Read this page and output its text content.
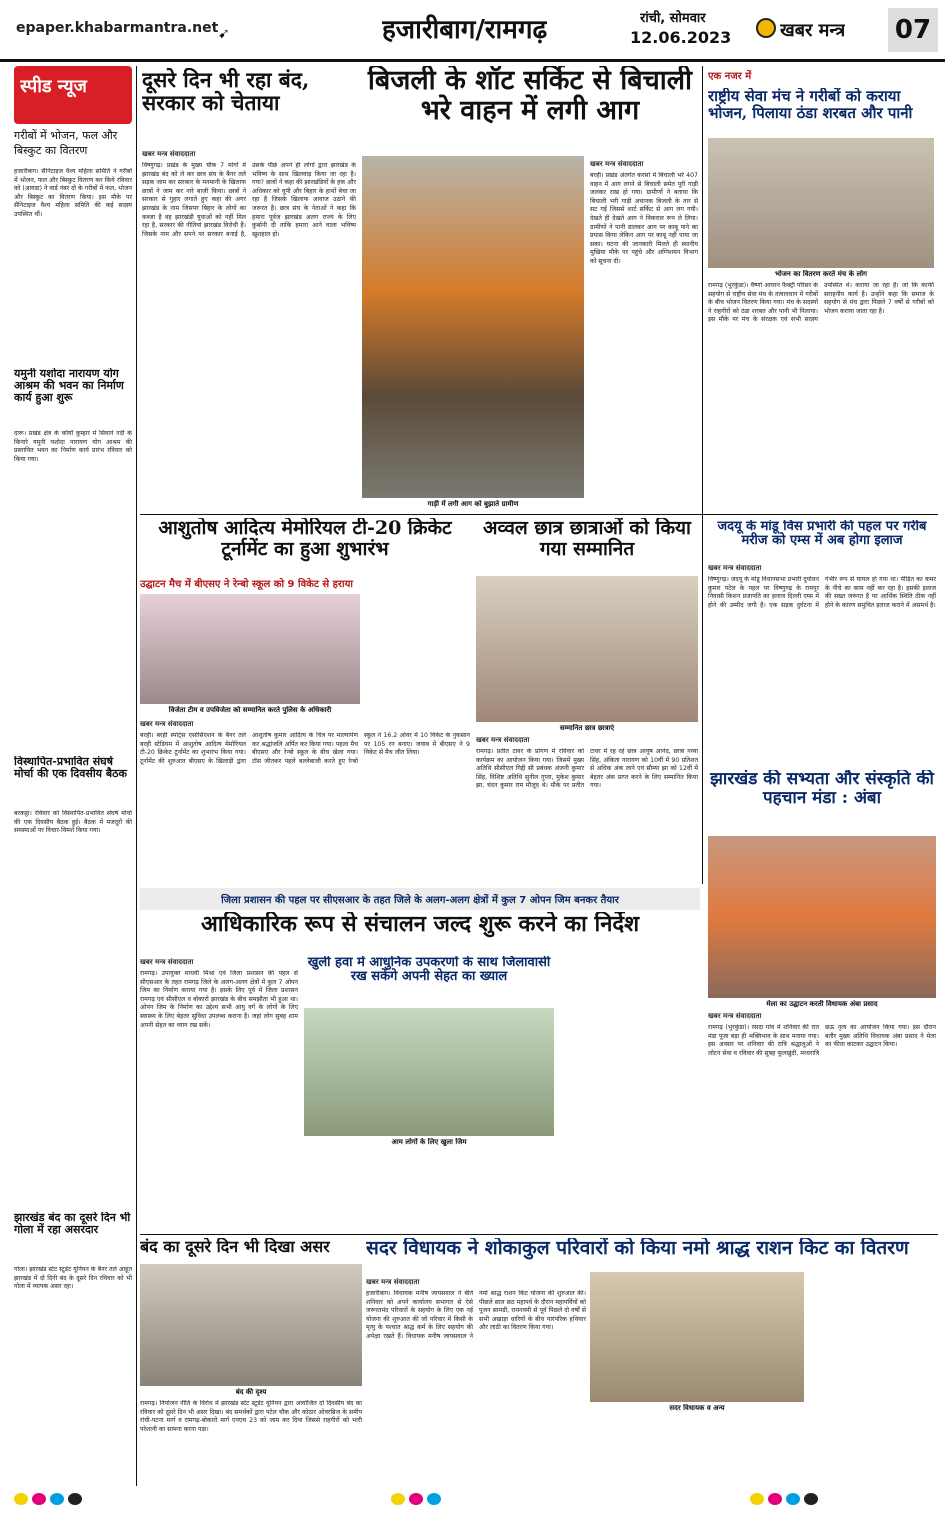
epaper.khabarmantra.net ➹	हजारीबाग/रामगढ़	रांची, सोमवार
12.06.2023	खबर मन्त्र 07
स्पीड न्यूज
गरीबों में भोजन, फल और बिस्कुट का वितरण
हजारीबाग। सैनिटाइज वैश्य महिला समिति ने गरीबों में भोजन, फल और बिस्कुट वितरण कर किये रविवार को (आयडा) ने वार्ड नंबर दो के गरीबों में फल, भोजन और बिस्कुट का वितरण किया। इस मौके पर सैनिटाइज वैश्य महिला समिति की कई सदस्य उपस्थित थीं।
यमुनी यशोदा नारायण योग आश्रम की भवन का निर्माण कार्य हुआ शुरू
दारू। प्रखंड क्षेत्र के कोंयाँ कुम्हार में सिवाने नदी के किनारे यमुनी यशोदा नारायण योग आश्रम की प्रस्तावित भवन का निर्माण कार्य प्रारंभ रविवार को किया गया।
विस्थापित-प्रभावित संघर्ष मोर्चा की एक दिवसीय बैठक
बरकट्ठा। रविवार को विस्थापित-प्रभावित संघर्ष मोर्चा की एक दिवसीय बैठक हुई। बैठक में मजदूरों की समस्याओं पर विचार-विमर्श किया गया।
झारखंड बंद का दूसरे दिन भी गोला में रहा असरदार
गोला। झारखंड स्टेट स्टूडेंट यूनियन के बैनर तले आहूत झारखंड में दो दिनी बंद के दूसरे दिन रविवार को भी गोला में व्यापक असर रहा।
दूसरे दिन भी रहा बंद, सरकार को चेताया
खबर मन्त्र संवाददाता
विष्णुगढ़। प्रखंड के मुख्य चौक 7 मांगों में झारखंड बंद को ले कर छात्र संघ के बैनर तले सड़क जाम कर सरकार के मनमानी के खिलाफ छात्रों ने जाम कर नारे बाजी किया। छात्रों ने सरकार से गुहार लगाते हुए कहा की अगर झारखंड के नाम जिसपर बिहार के लोगों का कब्जा है वह झारखंडी युवाओं को नहीं मिल रहा है, सरकार की नीतियां झारखंड विरोधी हैं। जिसके नाम और सपने पर सरकार बनाई है, उसके पीछे अपने ही लोगों द्वारा झारखंड के भविष्य के साथ खिलवाड़ किया जा रहा है। गया? छात्रों ने कहा की झारखंडियों के हक और अधिकार को यूपी और बिहार के हाथों बेचा जा रहा है जिसके खिलाफ आवाज उठाने की जरूरत है। छात्र संघ के नेताओं ने कहा कि हमारा पूर्वज झारखंड अलग राज्य के लिए कुर्बानी दी ताकि हमारा आने वाला भविष्य खुशहाल हो।
बिजली के शॉट सर्किट से बिचाली भरे वाहन में लगी आग
गाड़ी में लगी आग को बुझाते ग्रामीण
खबर मन्त्र संवाददाता
बरही। प्रखंड अंतर्गत करसो में बिचाली भरे 407 वाहन में आग लगने से बिचाली समेत पूरी गाड़ी जलकर राख हो गया। ग्रामीणों ने बताया कि बिचाली भरी गाड़ी अचानक बिजली के तार से सट गई जिससे शार्ट सर्किट से आग लग गयी। देखते ही देखते आग ने विकराल रूप ले लिया। ग्रामीणों ने पानी डालकर आग पर काबू पाने का प्रयास किया लेकिन आग पर काबू नहीं पाया जा सका। घटना की जानकारी मिलते ही स्थानीय मुखिया मौके पर पहुंचे और अग्निशमन विभाग को सूचना दी।
एक नजर में
राष्ट्रीय सेवा मंच ने गरीबों को कराया भोजन, पिलाया ठंडा शरबत और पानी
भोजन का वितरण करते मंच के लोग
रामगढ़ (भुरकुंडा)। वैष्णो आयरन फैक्ट्री परिसर के सहयोग से राष्ट्रीय सेवा मंच के तत्वावधान में गरीबों के बीच भोजन वितरण किया गया। मंच के सदस्यों ने राहगीरों को ठंडा शरबत और पानी भी पिलाया। इस मौके पर मंच के संरक्षक एवं सभी सदस्य उपस्थित थे। कराया जा रहा है। जो कि काफी सराहनीय कार्य है। उन्होंने कहा कि समाज के सहयोग से मंच द्वारा पिछले 7 वर्षों से गरीबों को भोजन कराया जाता रहा है।
आशुतोष आदित्य मेमोरियल टी-20 क्रिकेट टूर्नामेंट का हुआ शुभारंभ
उद्घाटन मैच में बीएसए ने रेन्बो स्कूल को 9 विकेट से हराया
विजेता टीम व उपविजेता को सम्मानित करते पुलिस के अधिकारी
खबर मन्त्र संवाददाता
बरही। बरही स्पोर्ट्स एसोसिएशन के बैनर तले बरही स्टेडियम में आशुतोष आदित्य मेमोरियल टी-20 क्रिकेट टूर्नामेंट का शुभारंभ किया गया। टूर्नामेंट की शुरुआत बीएसए के खिलाड़ी द्वारा आशुतोष कुमार आदित्य के चित्र पर माल्यार्पण कर श्रद्धांजलि अर्पित कर किया गया। पहला मैच बीएसए और रेन्बो स्कूल के बीच खेला गया। टॉस जीतकर पहले बल्लेबाजी करते हुए रेन्बो स्कूल ने 16.2 ओवर में 10 विकेट के नुकसान पर 105 रन बनाए। जवाब में बीएसए ने 9 विकेट से मैच जीत लिया।
अव्वल छात्र छात्राओं को किया गया सम्मानित
सम्मानित छात्र छात्राएं
खबर मन्त्र संवाददाता
रामगढ़। प्रतीत टावर के प्रांगण में रविवार को कार्यक्रम का आयोजन किया गया। जिसमें मुख्य अतिथि सीसीएल गिद्दी सी प्रबंधक अंजनी कुमार सिंह, विशिष्ट अतिथि सुनील गुप्ता, मुकेश कुमार झा, चंदन कुमार राम मौजूद थे। मौके पर प्रतीत टावर में रह रहे छात्र आयुष आनंद, छात्रा नव्या सिंह, अंकिता नारायण को 10वीं में 90 प्रतिशत से अधिक अंक लाने एवं सौम्या झा को 12वीं में बेहतर अंक प्राप्त करने के लिए सम्मानित किया गया।
जदयू के मांडू विस प्रभारी की पहल पर गरीब मरीज को एम्स में अब होगा इलाज
खबर मन्त्र संवाददाता
विष्णुगढ़। जदयू के मांडू विधानसभा प्रभारी दुर्योधन कुमार पटेल के पहल पर विष्णुगढ़ के रामपुर निवासी किशन प्रजापति का इलाज दिल्ली एम्स में होने की उम्मीद जगी है। एक सड़क दुर्घटना में गंभीर रूप से घायल हो गया था। पीड़ित का कमर के नीचे का काम नहीं कर रहा है। इसकी इलाज की सख्त जरूरत है पर आर्थिक स्थिति ठीक नहीं होने के कारण समुचित इलाज कराने में असमर्थ है।
झारखंड की सभ्यता और संस्कृति की पहचान मंडा : अंबा
मेला का उद्घाटन करती विधायक अंबा प्रसाद
खबर मन्त्र संवाददाता
रामगढ़ (भुरकुंडा)। रसदा गांव में शनिवार की रात मंडा पूजा बड़ा ही भक्तिभाव के साथ मनाया गया। इस अवसर पर शनिवार की रात्रि श्रद्धालुओं ने लोटन सेवा व रविवार की सुबह फूलखुंदी, मध्यरात्रि छऊ नृत्य का आयोजन किया गया। इस दौरान बतौर मुख्य अतिथि विधायक अंबा प्रसाद ने मेला का फीता काटकर उद्घाटन किया।
जिला प्रशासन की पहल पर सीएसआर के तहत जिले के अलग-अलग क्षेत्रों में कुल 7 ओपन जिम बनकर तैयार
आधिकारिक रूप से संचालन जल्द शुरू करने का निर्देश
खबर मन्त्र संवाददाता
रामगढ़। उपायुक्त माधवी मिश्रा एवं जिला प्रशासन की पहल से सीएसआर के तहत रामगढ़ जिले के अलग-अलग क्षेत्रों में कुल 7 ओपन जिम का निर्माण कराया गया है। इसके लिए पूर्व में जिला प्रशासन रामगढ़ एवं सीसीएल व बोकारो झारखंड के बीच समझौता भी हुआ था। ओपन जिम के निर्माण का उद्देश्य सभी आयु वर्ग के लोगों के लिए स्वास्थ्य के लिए बेहतर सुविधा उपलब्ध कराना है। जहां लोग सुबह शाम अपनी सेहत का ध्यान रख सकें।
खुली हवा में आधुनिक उपकरणों के साथ जिलावासी रख सकेंगे अपनी सेहत का ख्याल
आम लोगों के लिए खुला जिम
बंद का दूसरे दिन भी दिखा असर
बंद की दृश्य
रामगढ़। नियोजन नीति के विरोध में झारखंड स्टेट स्टूडेंट यूनियन द्वारा आयोजित दो दिवसीय बंद का रविवार को दूसरे दिन भी असर दिखा। बंद समर्थकों द्वारा पटेल चौक और कोठार ओवरब्रिज के समीप रांची-पटना मार्ग व रामगढ़-बोकारो मार्ग एनएच 23 को जाम कर दिया जिससे राहगीरों को भारी परेशानी का सामना करना पड़ा।
सदर विधायक ने शोकाकुल परिवारों को किया नमो श्राद्ध राशन किट का वितरण
खबर मन्त्र संवाददाता
हजारीबाग। विधायक मनीष जायसवाल ने बीते शनिवार को अपने कार्यालय सभागार से ऐसे जरूरतमंद परिवारों के सहयोग के लिए एक नई योजना की शुरुआत की जो परिवार में किसी के मृत्यु के पश्चात श्राद्ध कर्म के लिए सहयोग की अपेक्षा रखते हैं। विधायक मनीष जायसवाल ने नमो श्राद्ध राशन किट योजना की शुरुआत की। पीछले साल छठ महापर्व के दौरान महापर्वियों को पूजन सामग्री, रामनवमी से पूर्व पिछले दो वर्षों से सभी अखाड़ा धारियों के बीच पारंपरिक हथियार और लाठी का वितरण किया गया।
सदर विधायक व अन्य
